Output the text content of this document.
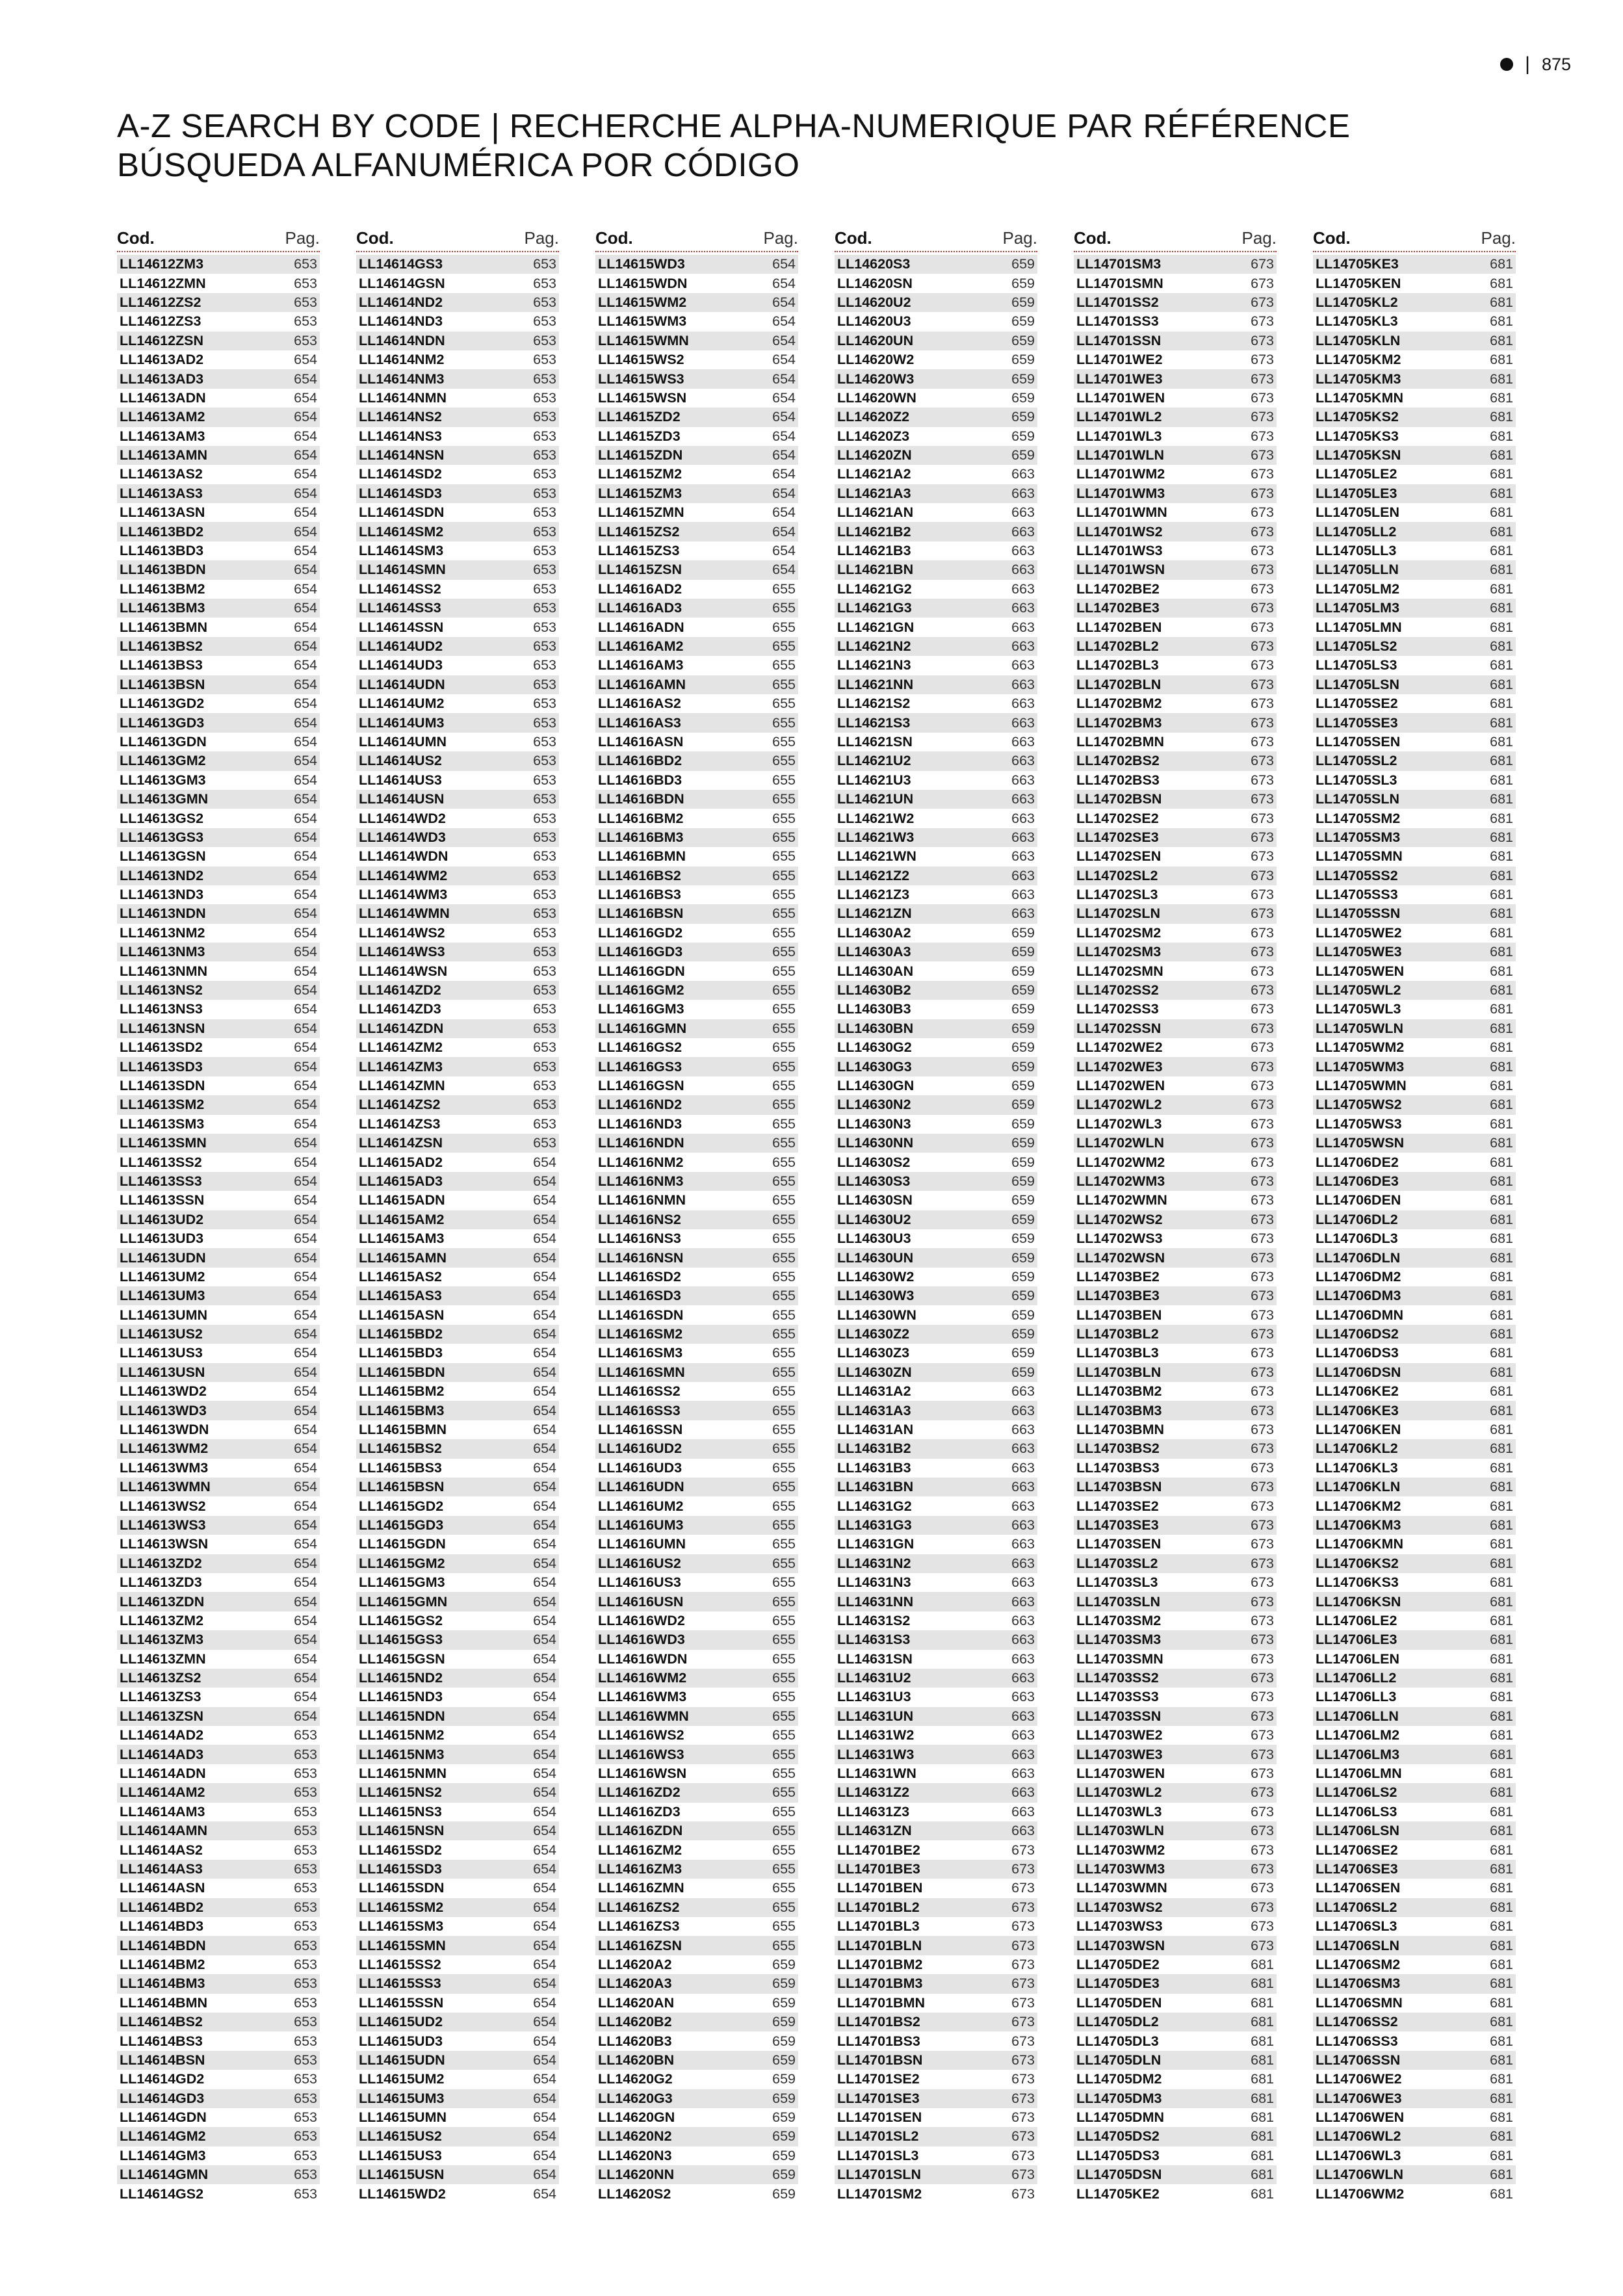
| 875
A-Z SEARCH BY CODE | RECHERCHE ALPHA-NUMERIQUE PAR RÉFÉRENCE
BÚSQUEDA ALFANUMÉRICA POR CÓDIGO
Cod.	Pag.
LL14612ZM3	653
LL14612ZMN	653
LL14612ZS2	653
LL14612ZS3	653
LL14612ZSN	653
LL14613AD2	654
LL14613AD3	654
LL14613ADN	654
LL14613AM2	654
LL14613AM3	654
LL14613AMN	654
LL14613AS2	654
LL14613AS3	654
LL14613ASN	654
LL14613BD2	654
LL14613BD3	654
LL14613BDN	654
LL14613BM2	654
LL14613BM3	654
LL14613BMN	654
LL14613BS2	654
LL14613BS3	654
LL14613BSN	654
LL14613GD2	654
LL14613GD3	654
LL14613GDN	654
LL14613GM2	654
LL14613GM3	654
LL14613GMN	654
LL14613GS2	654
LL14613GS3	654
LL14613GSN	654
LL14613ND2	654
LL14613ND3	654
LL14613NDN	654
LL14613NM2	654
LL14613NM3	654
LL14613NMN	654
LL14613NS2	654
LL14613NS3	654
LL14613NSN	654
LL14613SD2	654
LL14613SD3	654
LL14613SDN	654
LL14613SM2	654
LL14613SM3	654
LL14613SMN	654
LL14613SS2	654
LL14613SS3	654
LL14613SSN	654
LL14613UD2	654
LL14613UD3	654
LL14613UDN	654
LL14613UM2	654
LL14613UM3	654
LL14613UMN	654
LL14613US2	654
LL14613US3	654
LL14613USN	654
LL14613WD2	654
LL14613WD3	654
LL14613WDN	654
LL14613WM2	654
LL14613WM3	654
LL14613WMN	654
LL14613WS2	654
LL14613WS3	654
LL14613WSN	654
LL14613ZD2	654
LL14613ZD3	654
LL14613ZDN	654
LL14613ZM2	654
LL14613ZM3	654
LL14613ZMN	654
LL14613ZS2	654
LL14613ZS3	654
LL14613ZSN	654
LL14614AD2	653
LL14614AD3	653
LL14614ADN	653
LL14614AM2	653
LL14614AM3	653
LL14614AMN	653
LL14614AS2	653
LL14614AS3	653
LL14614ASN	653
LL14614BD2	653
LL14614BD3	653
LL14614BDN	653
LL14614BM2	653
LL14614BM3	653
LL14614BMN	653
LL14614BS2	653
LL14614BS3	653
LL14614BSN	653
LL14614GD2	653
LL14614GD3	653
LL14614GDN	653
LL14614GM2	653
LL14614GM3	653
LL14614GMN	653
LL14614GS2	653
Cod.	Pag.
LL14614GS3	653
LL14614GSN	653
LL14614ND2	653
LL14614ND3	653
LL14614NDN	653
LL14614NM2	653
LL14614NM3	653
LL14614NMN	653
LL14614NS2	653
LL14614NS3	653
LL14614NSN	653
LL14614SD2	653
LL14614SD3	653
LL14614SDN	653
LL14614SM2	653
LL14614SM3	653
LL14614SMN	653
LL14614SS2	653
LL14614SS3	653
LL14614SSN	653
LL14614UD2	653
LL14614UD3	653
LL14614UDN	653
LL14614UM2	653
LL14614UM3	653
LL14614UMN	653
LL14614US2	653
LL14614US3	653
LL14614USN	653
LL14614WD2	653
LL14614WD3	653
LL14614WDN	653
LL14614WM2	653
LL14614WM3	653
LL14614WMN	653
LL14614WS2	653
LL14614WS3	653
LL14614WSN	653
LL14614ZD2	653
LL14614ZD3	653
LL14614ZDN	653
LL14614ZM2	653
LL14614ZM3	653
LL14614ZMN	653
LL14614ZS2	653
LL14614ZS3	653
LL14614ZSN	653
LL14615AD2	654
LL14615AD3	654
LL14615ADN	654
LL14615AM2	654
LL14615AM3	654
LL14615AMN	654
LL14615AS2	654
LL14615AS3	654
LL14615ASN	654
LL14615BD2	654
LL14615BD3	654
LL14615BDN	654
LL14615BM2	654
LL14615BM3	654
LL14615BMN	654
LL14615BS2	654
LL14615BS3	654
LL14615BSN	654
LL14615GD2	654
LL14615GD3	654
LL14615GDN	654
LL14615GM2	654
LL14615GM3	654
LL14615GMN	654
LL14615GS2	654
LL14615GS3	654
LL14615GSN	654
LL14615ND2	654
LL14615ND3	654
LL14615NDN	654
LL14615NM2	654
LL14615NM3	654
LL14615NMN	654
LL14615NS2	654
LL14615NS3	654
LL14615NSN	654
LL14615SD2	654
LL14615SD3	654
LL14615SDN	654
LL14615SM2	654
LL14615SM3	654
LL14615SMN	654
LL14615SS2	654
LL14615SS3	654
LL14615SSN	654
LL14615UD2	654
LL14615UD3	654
LL14615UDN	654
LL14615UM2	654
LL14615UM3	654
LL14615UMN	654
LL14615US2	654
LL14615US3	654
LL14615USN	654
LL14615WD2	654
Cod.	Pag.
LL14615WD3	654
LL14615WDN	654
LL14615WM2	654
LL14615WM3	654
LL14615WMN	654
LL14615WS2	654
LL14615WS3	654
LL14615WSN	654
LL14615ZD2	654
LL14615ZD3	654
LL14615ZDN	654
LL14615ZM2	654
LL14615ZM3	654
LL14615ZMN	654
LL14615ZS2	654
LL14615ZS3	654
LL14615ZSN	654
LL14616AD2	655
LL14616AD3	655
LL14616ADN	655
LL14616AM2	655
LL14616AM3	655
LL14616AMN	655
LL14616AS2	655
LL14616AS3	655
LL14616ASN	655
LL14616BD2	655
LL14616BD3	655
LL14616BDN	655
LL14616BM2	655
LL14616BM3	655
LL14616BMN	655
LL14616BS2	655
LL14616BS3	655
LL14616BSN	655
LL14616GD2	655
LL14616GD3	655
LL14616GDN	655
LL14616GM2	655
LL14616GM3	655
LL14616GMN	655
LL14616GS2	655
LL14616GS3	655
LL14616GSN	655
LL14616ND2	655
LL14616ND3	655
LL14616NDN	655
LL14616NM2	655
LL14616NM3	655
LL14616NMN	655
LL14616NS2	655
LL14616NS3	655
LL14616NSN	655
LL14616SD2	655
LL14616SD3	655
LL14616SDN	655
LL14616SM2	655
LL14616SM3	655
LL14616SMN	655
LL14616SS2	655
LL14616SS3	655
LL14616SSN	655
LL14616UD2	655
LL14616UD3	655
LL14616UDN	655
LL14616UM2	655
LL14616UM3	655
LL14616UMN	655
LL14616US2	655
LL14616US3	655
LL14616USN	655
LL14616WD2	655
LL14616WD3	655
LL14616WDN	655
LL14616WM2	655
LL14616WM3	655
LL14616WMN	655
LL14616WS2	655
LL14616WS3	655
LL14616WSN	655
LL14616ZD2	655
LL14616ZD3	655
LL14616ZDN	655
LL14616ZM2	655
LL14616ZM3	655
LL14616ZMN	655
LL14616ZS2	655
LL14616ZS3	655
LL14616ZSN	655
LL14620A2	659
LL14620A3	659
LL14620AN	659
LL14620B2	659
LL14620B3	659
LL14620BN	659
LL14620G2	659
LL14620G3	659
LL14620GN	659
LL14620N2	659
LL14620N3	659
LL14620NN	659
LL14620S2	659
Cod.	Pag.
LL14620S3	659
LL14620SN	659
LL14620U2	659
LL14620U3	659
LL14620UN	659
LL14620W2	659
LL14620W3	659
LL14620WN	659
LL14620Z2	659
LL14620Z3	659
LL14620ZN	659
LL14621A2	663
LL14621A3	663
LL14621AN	663
LL14621B2	663
LL14621B3	663
LL14621BN	663
LL14621G2	663
LL14621G3	663
LL14621GN	663
LL14621N2	663
LL14621N3	663
LL14621NN	663
LL14621S2	663
LL14621S3	663
LL14621SN	663
LL14621U2	663
LL14621U3	663
LL14621UN	663
LL14621W2	663
LL14621W3	663
LL14621WN	663
LL14621Z2	663
LL14621Z3	663
LL14621ZN	663
LL14630A2	659
LL14630A3	659
LL14630AN	659
LL14630B2	659
LL14630B3	659
LL14630BN	659
LL14630G2	659
LL14630G3	659
LL14630GN	659
LL14630N2	659
LL14630N3	659
LL14630NN	659
LL14630S2	659
LL14630S3	659
LL14630SN	659
LL14630U2	659
LL14630U3	659
LL14630UN	659
LL14630W2	659
LL14630W3	659
LL14630WN	659
LL14630Z2	659
LL14630Z3	659
LL14630ZN	659
LL14631A2	663
LL14631A3	663
LL14631AN	663
LL14631B2	663
LL14631B3	663
LL14631BN	663
LL14631G2	663
LL14631G3	663
LL14631GN	663
LL14631N2	663
LL14631N3	663
LL14631NN	663
LL14631S2	663
LL14631S3	663
LL14631SN	663
LL14631U2	663
LL14631U3	663
LL14631UN	663
LL14631W2	663
LL14631W3	663
LL14631WN	663
LL14631Z2	663
LL14631Z3	663
LL14631ZN	663
LL14701BE2	673
LL14701BE3	673
LL14701BEN	673
LL14701BL2	673
LL14701BL3	673
LL14701BLN	673
LL14701BM2	673
LL14701BM3	673
LL14701BMN	673
LL14701BS2	673
LL14701BS3	673
LL14701BSN	673
LL14701SE2	673
LL14701SE3	673
LL14701SEN	673
LL14701SL2	673
LL14701SL3	673
LL14701SLN	673
LL14701SM2	673
Cod.	Pag.
LL14701SM3	673
LL14701SMN	673
LL14701SS2	673
LL14701SS3	673
LL14701SSN	673
LL14701WE2	673
LL14701WE3	673
LL14701WEN	673
LL14701WL2	673
LL14701WL3	673
LL14701WLN	673
LL14701WM2	673
LL14701WM3	673
LL14701WMN	673
LL14701WS2	673
LL14701WS3	673
LL14701WSN	673
LL14702BE2	673
LL14702BE3	673
LL14702BEN	673
LL14702BL2	673
LL14702BL3	673
LL14702BLN	673
LL14702BM2	673
LL14702BM3	673
LL14702BMN	673
LL14702BS2	673
LL14702BS3	673
LL14702BSN	673
LL14702SE2	673
LL14702SE3	673
LL14702SEN	673
LL14702SL2	673
LL14702SL3	673
LL14702SLN	673
LL14702SM2	673
LL14702SM3	673
LL14702SMN	673
LL14702SS2	673
LL14702SS3	673
LL14702SSN	673
LL14702WE2	673
LL14702WE3	673
LL14702WEN	673
LL14702WL2	673
LL14702WL3	673
LL14702WLN	673
LL14702WM2	673
LL14702WM3	673
LL14702WMN	673
LL14702WS2	673
LL14702WS3	673
LL14702WSN	673
LL14703BE2	673
LL14703BE3	673
LL14703BEN	673
LL14703BL2	673
LL14703BL3	673
LL14703BLN	673
LL14703BM2	673
LL14703BM3	673
LL14703BMN	673
LL14703BS2	673
LL14703BS3	673
LL14703BSN	673
LL14703SE2	673
LL14703SE3	673
LL14703SEN	673
LL14703SL2	673
LL14703SL3	673
LL14703SLN	673
LL14703SM2	673
LL14703SM3	673
LL14703SMN	673
LL14703SS2	673
LL14703SS3	673
LL14703SSN	673
LL14703WE2	673
LL14703WE3	673
LL14703WEN	673
LL14703WL2	673
LL14703WL3	673
LL14703WLN	673
LL14703WM2	673
LL14703WM3	673
LL14703WMN	673
LL14703WS2	673
LL14703WS3	673
LL14703WSN	673
LL14705DE2	681
LL14705DE3	681
LL14705DEN	681
LL14705DL2	681
LL14705DL3	681
LL14705DLN	681
LL14705DM2	681
LL14705DM3	681
LL14705DMN	681
LL14705DS2	681
LL14705DS3	681
LL14705DSN	681
LL14705KE2	681
Cod.	Pag.
LL14705KE3	681
LL14705KEN	681
LL14705KL2	681
LL14705KL3	681
LL14705KLN	681
LL14705KM2	681
LL14705KM3	681
LL14705KMN	681
LL14705KS2	681
LL14705KS3	681
LL14705KSN	681
LL14705LE2	681
LL14705LE3	681
LL14705LEN	681
LL14705LL2	681
LL14705LL3	681
LL14705LLN	681
LL14705LM2	681
LL14705LM3	681
LL14705LMN	681
LL14705LS2	681
LL14705LS3	681
LL14705LSN	681
LL14705SE2	681
LL14705SE3	681
LL14705SEN	681
LL14705SL2	681
LL14705SL3	681
LL14705SLN	681
LL14705SM2	681
LL14705SM3	681
LL14705SMN	681
LL14705SS2	681
LL14705SS3	681
LL14705SSN	681
LL14705WE2	681
LL14705WE3	681
LL14705WEN	681
LL14705WL2	681
LL14705WL3	681
LL14705WLN	681
LL14705WM2	681
LL14705WM3	681
LL14705WMN	681
LL14705WS2	681
LL14705WS3	681
LL14705WSN	681
LL14706DE2	681
LL14706DE3	681
LL14706DEN	681
LL14706DL2	681
LL14706DL3	681
LL14706DLN	681
LL14706DM2	681
LL14706DM3	681
LL14706DMN	681
LL14706DS2	681
LL14706DS3	681
LL14706DSN	681
LL14706KE2	681
LL14706KE3	681
LL14706KEN	681
LL14706KL2	681
LL14706KL3	681
LL14706KLN	681
LL14706KM2	681
LL14706KM3	681
LL14706KMN	681
LL14706KS2	681
LL14706KS3	681
LL14706KSN	681
LL14706LE2	681
LL14706LE3	681
LL14706LEN	681
LL14706LL2	681
LL14706LL3	681
LL14706LLN	681
LL14706LM2	681
LL14706LM3	681
LL14706LMN	681
LL14706LS2	681
LL14706LS3	681
LL14706LSN	681
LL14706SE2	681
LL14706SE3	681
LL14706SEN	681
LL14706SL2	681
LL14706SL3	681
LL14706SLN	681
LL14706SM2	681
LL14706SM3	681
LL14706SMN	681
LL14706SS2	681
LL14706SS3	681
LL14706SSN	681
LL14706WE2	681
LL14706WE3	681
LL14706WEN	681
LL14706WL2	681
LL14706WL3	681
LL14706WLN	681
LL14706WM2	681
